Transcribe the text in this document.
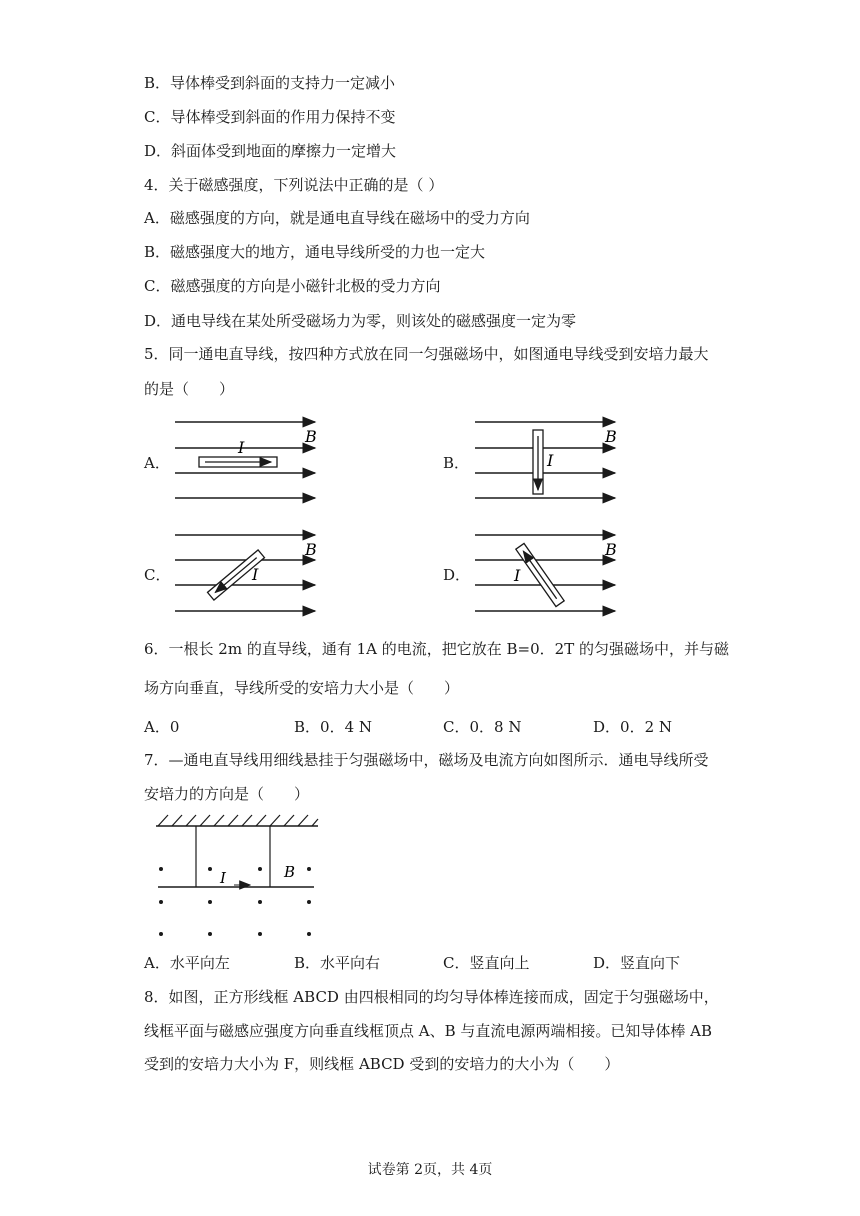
B．导体棒受到斜面的支持力一定减小
C．导体棒受到斜面的作用力保持不变
D．斜面体受到地面的摩擦力一定增大
4．关于磁感强度，下列说法中正确的是（ ）
A．磁感强度的方向，就是通电直导线在磁场中的受力方向
B．磁感强度大的地方，通电导线所受的力也一定大
C．磁感强度的方向是小磁针北极的受力方向
D．通电导线在某处所受磁场力为零，则该处的磁感强度一定为零
5．同一通电直导线，按四种方式放在同一匀强磁场中，如图通电导线受到安培力最大
的是（　　）
A．	B．
C．	D．
I
B
I
B
I
B
I
B
6．一根长 2m 的直导线，通有 1A 的电流，把它放在 B=0．2T 的匀强磁场中，并与磁
场方向垂直，导线所受的安培力大小是（　　）
A．0	B．0．4 N	C．0．8 N	D．0．2 N
7．—通电直导线用细线悬挂于匀强磁场中，磁场及电流方向如图所示．通电导线所受
安培力的方向是（　　）
I	B
A．水平向左	B．水平向右	C．竖直向上	D．竖直向下
8．如图，正方形线框 ABCD 由四根相同的均匀导体棒连接而成，固定于匀强磁场中，
线框平面与磁感应强度方向垂直线框顶点 A、B 与直流电源两端相接。已知导体棒 AB
受到的安培力大小为 F，则线框 ABCD 受到的安培力的大小为（　　）
试卷第 2页，共 4页
